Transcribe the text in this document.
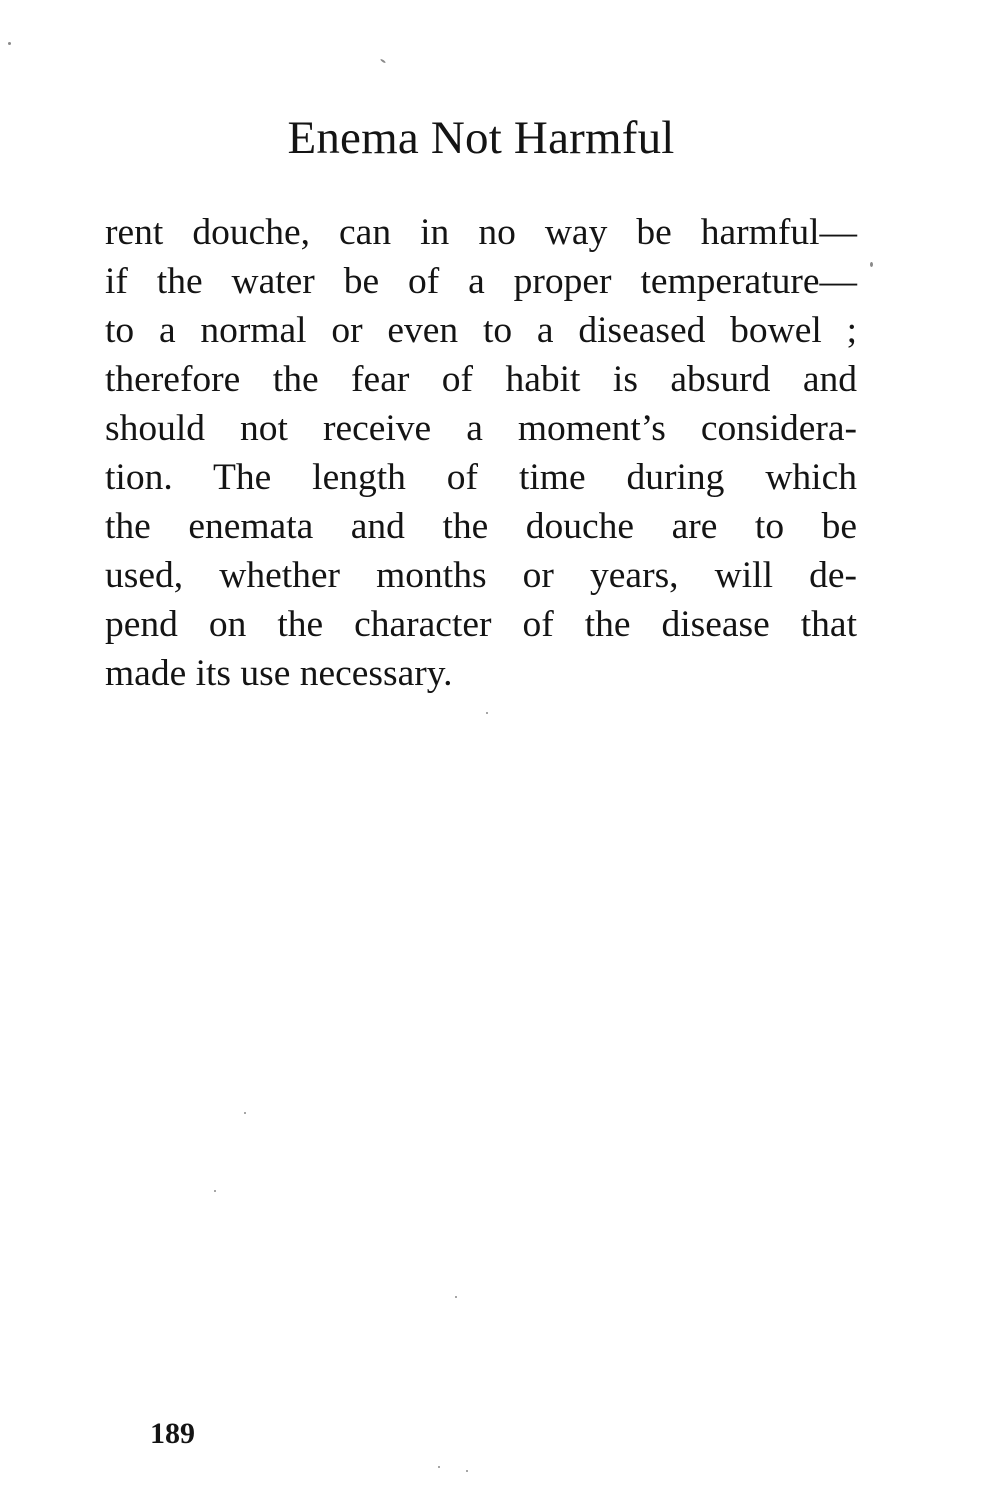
Enema Not Harmful

rent douche, can in no way be harmful—
if the water be of a proper temperature—
to a normal or even to a diseased bowel ;
therefore the fear of habit is absurd and
should not receive a moment’s considera-
tion. The length of time during which
the enemata and the douche are to be
used, whether months or years, will de-
pend on the character of the disease that
made its use necessary.

189
